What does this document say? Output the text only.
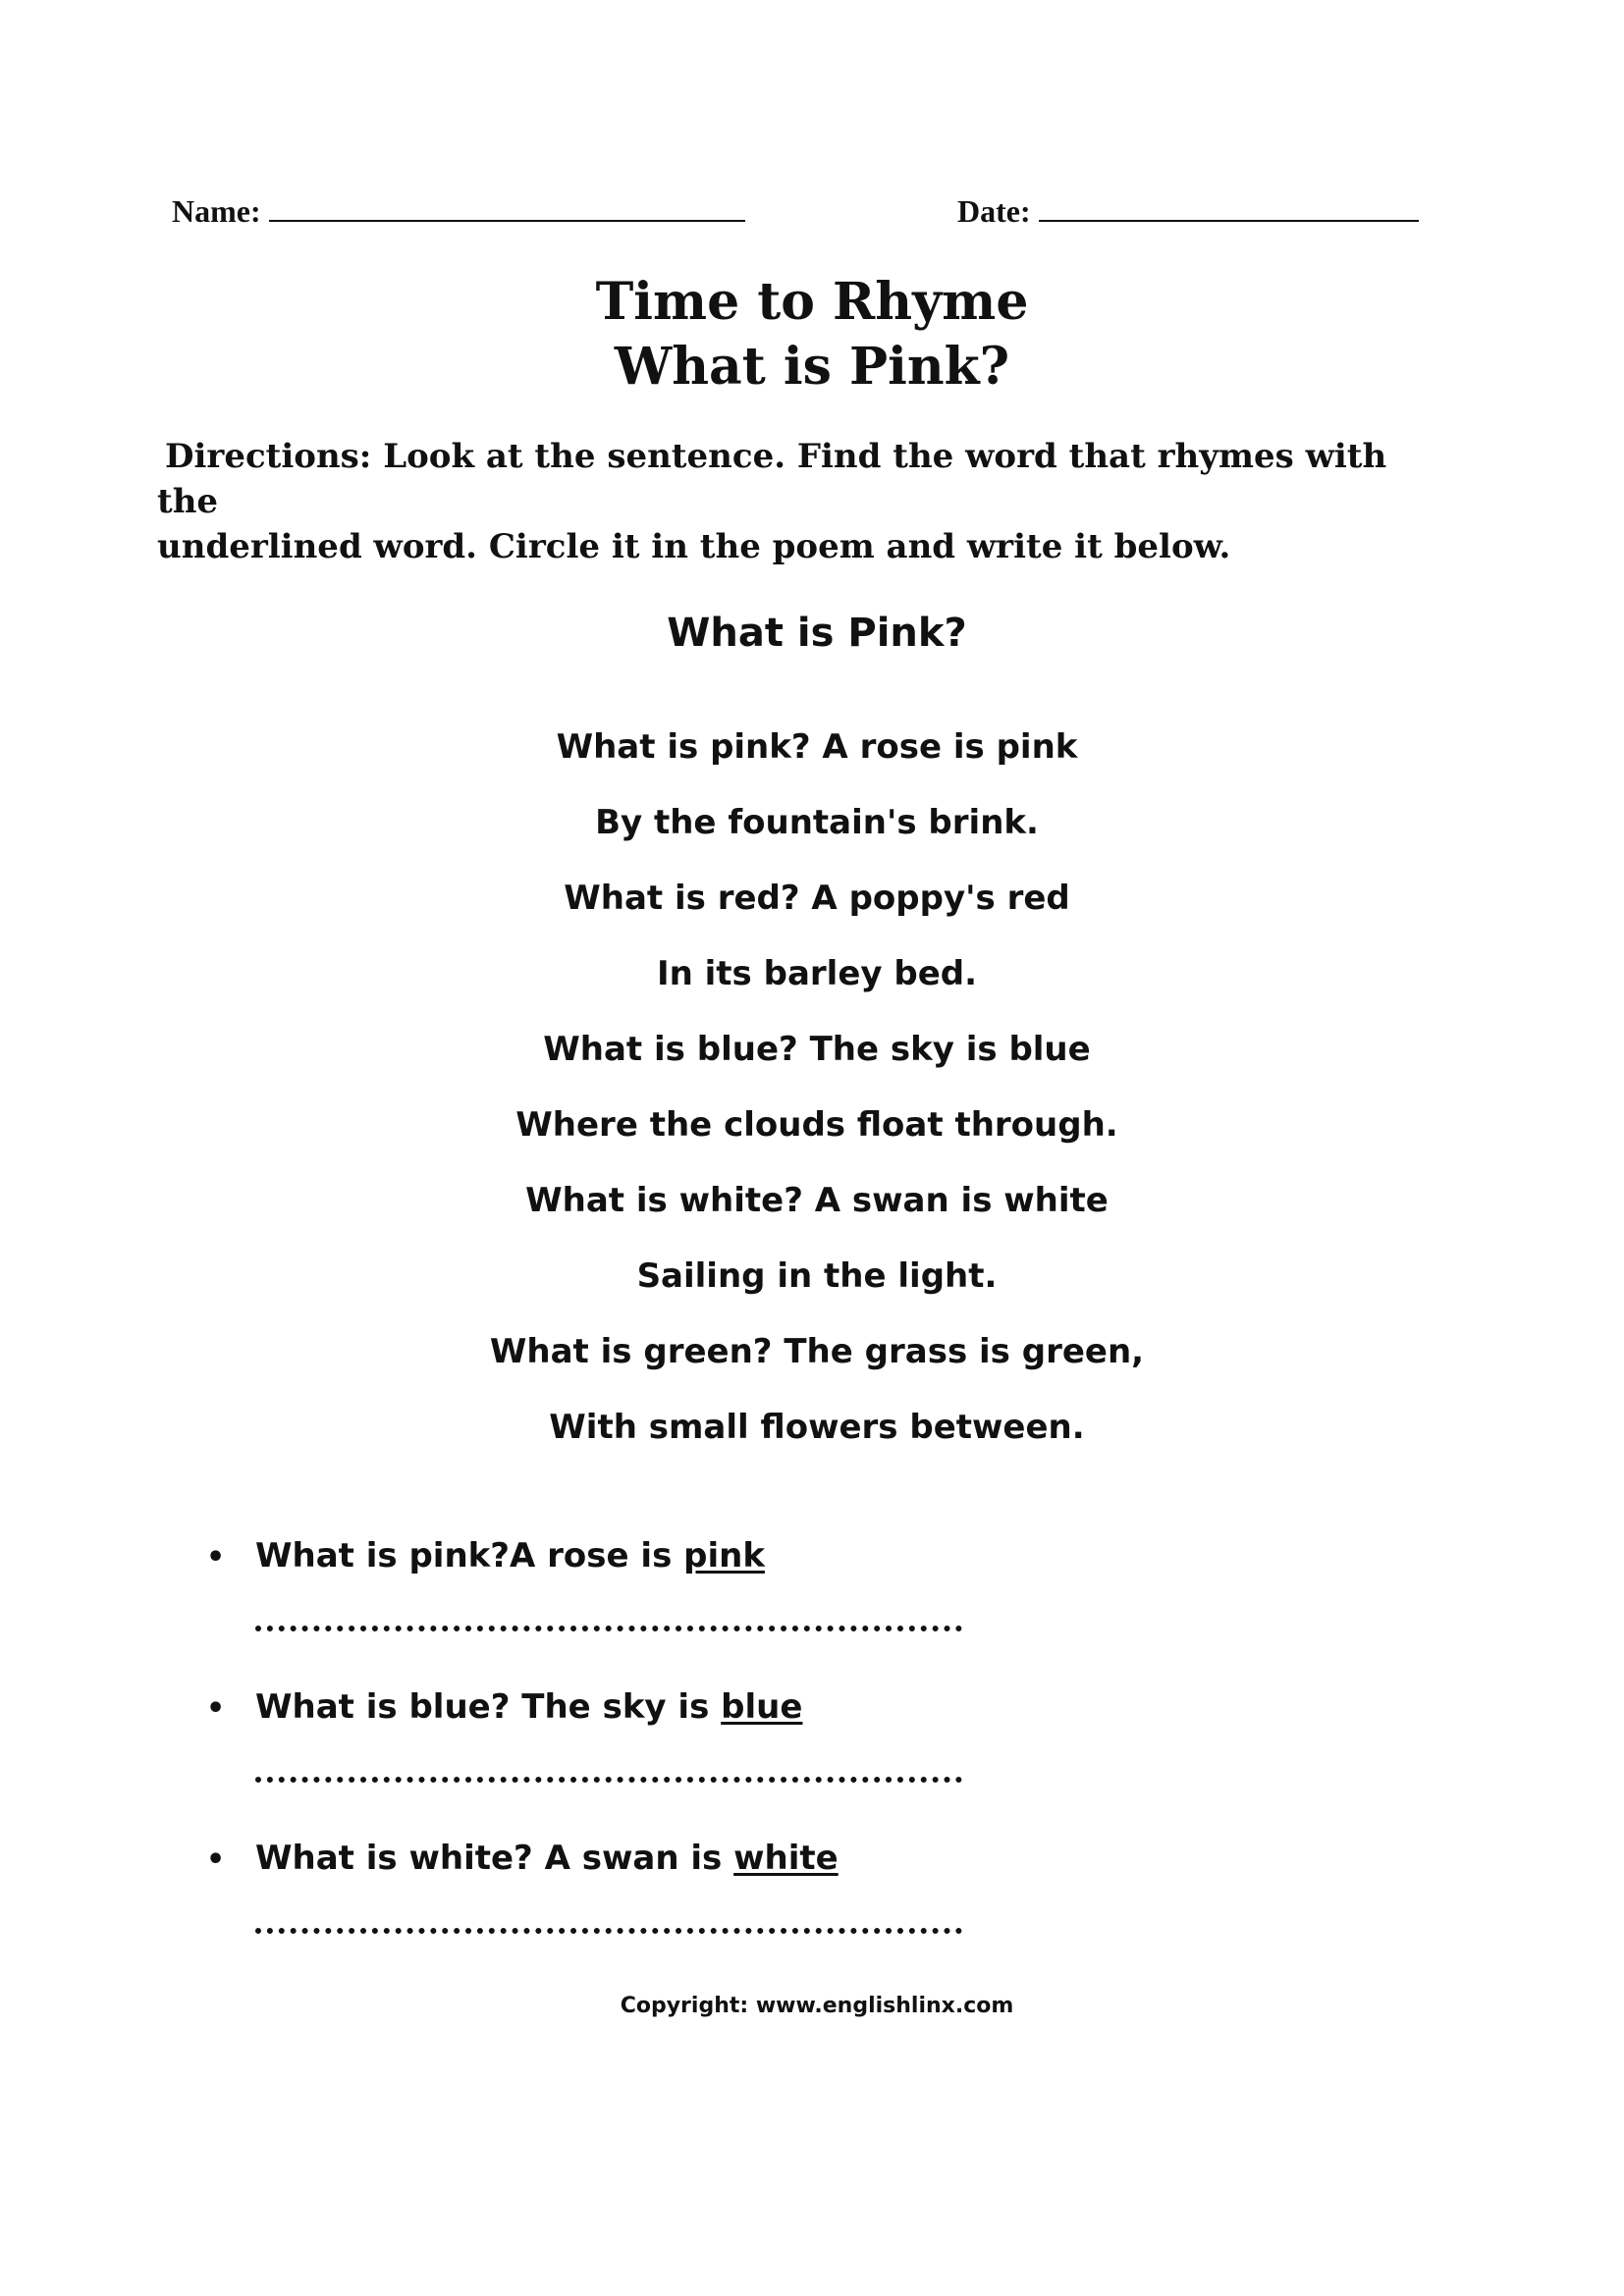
Name:	Date:
Time to Rhyme
What is Pink?

Directions: Look at the sentence. Find the word that rhymes with the
underlined word. Circle it in the poem and write it below.

What is Pink?
What is pink? A rose is pink
By the fountain's brink.
What is red? A poppy's red
In its barley bed.
What is blue? The sky is blue
Where the clouds float through.
What is white? A swan is white
Sailing in the light.
What is green? The grass is green,
With small flowers between.
• What is pink?A rose is pink
• What is blue? The sky is blue
• What is white? A swan is white

Copyright: www.englishlinx.com
